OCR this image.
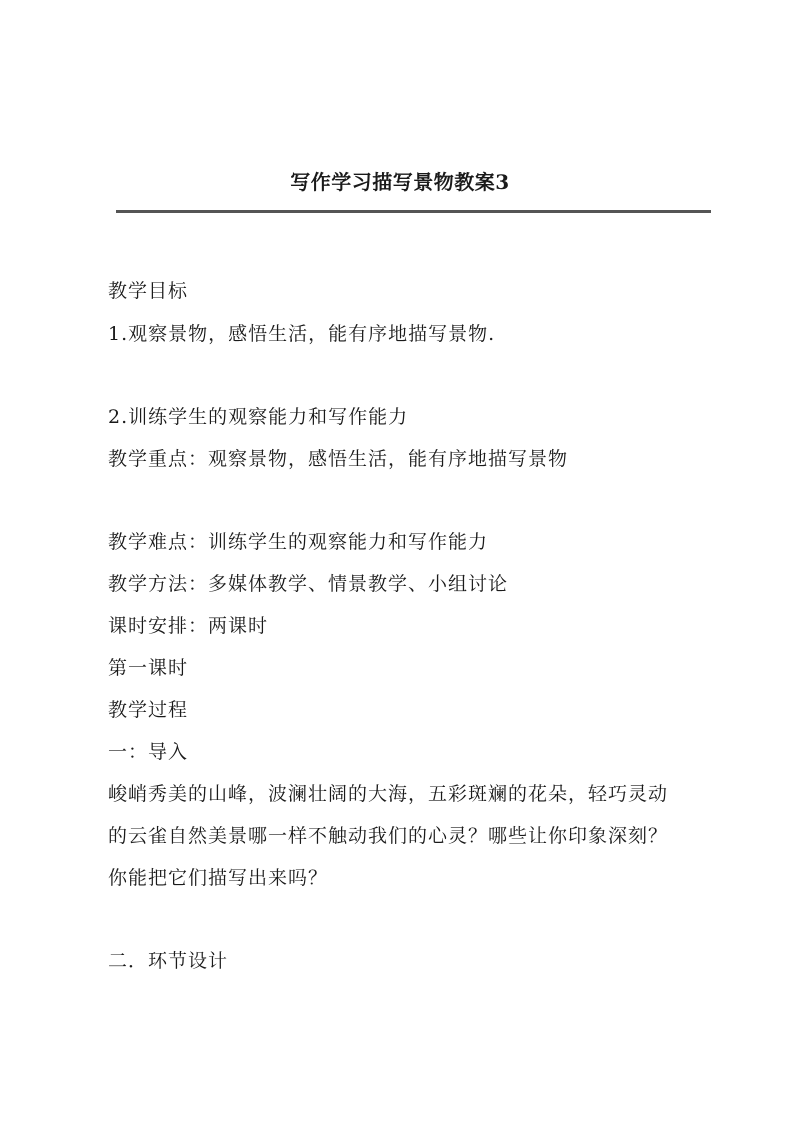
写作学习描写景物教案3
教学目标
1.观察景物，感悟生活，能有序地描写景物.
2.训练学生的观察能力和写作能力
教学重点：观察景物，感悟生活，能有序地描写景物
教学难点：训练学生的观察能力和写作能力
教学方法：多媒体教学、情景教学、小组讨论
课时安排：两课时
第一课时
教学过程
一：导入
峻峭秀美的山峰，波澜壮阔的大海，五彩斑斓的花朵，轻巧灵动
的云雀自然美景哪一样不触动我们的心灵？哪些让你印象深刻？
你能把它们描写出来吗？
二．环节设计
